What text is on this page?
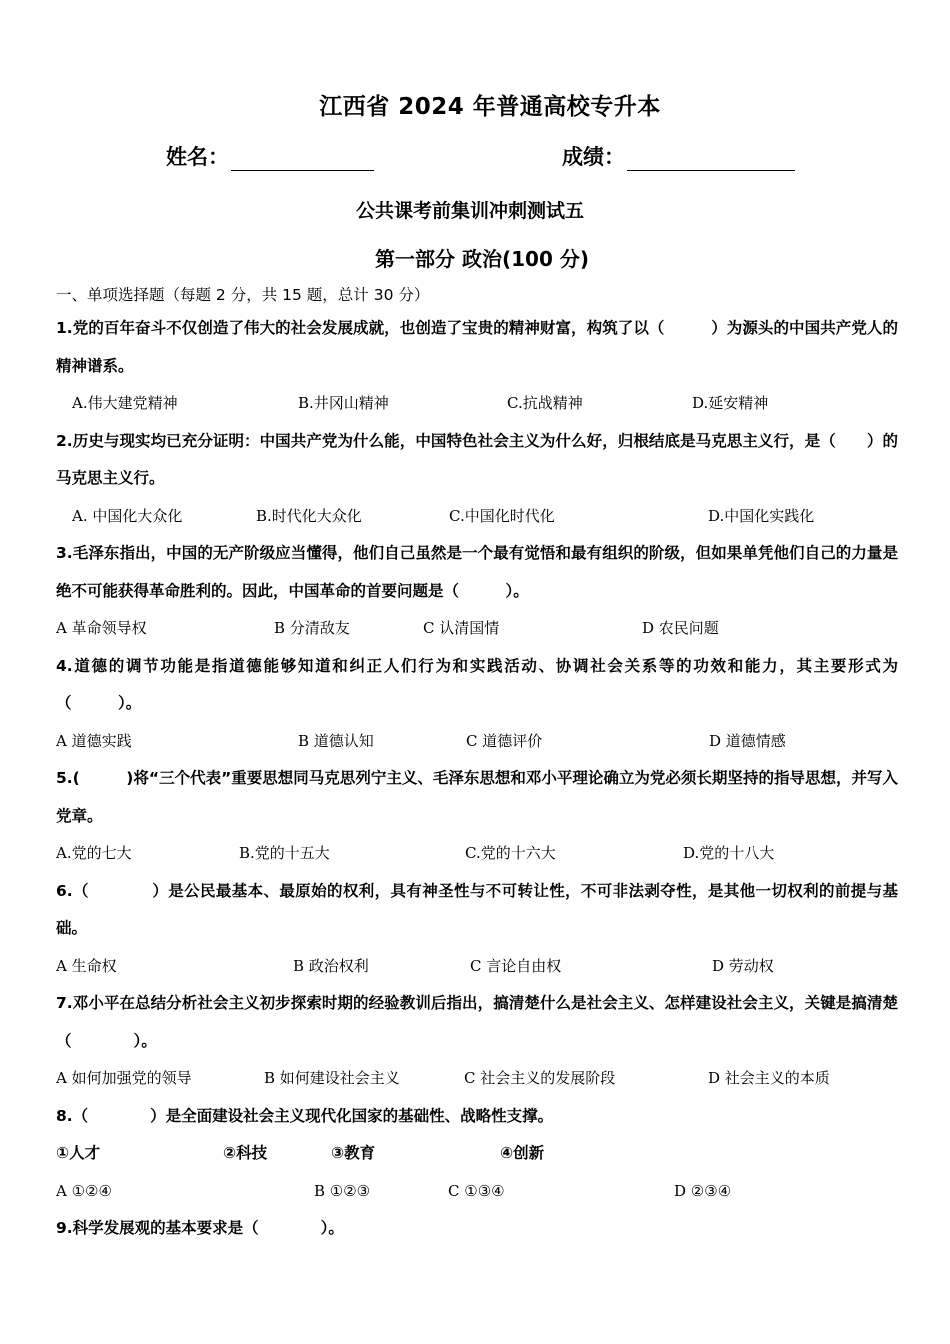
江西省 2024 年普通高校专升本
姓名：	成绩：
公共课考前集训冲刺测试五
第一部分 政治(100 分)
一、单项选择题（每题 2 分，共 15 题，总计 30 分）
1.党的百年奋斗不仅创造了伟大的社会发展成就，也创造了宝贵的精神财富，构筑了以（　　　）为源头的中国共产党人的精神谱系。
A.伟大建党精神	B.井冈山精神	C.抗战精神	D.延安精神
2.历史与现实均已充分证明：中国共产党为什么能，中国特色社会主义为什么好，归根结底是马克思主义行，是（　　）的马克思主义行。
A. 中国化大众化	B.时代化大众化	C.中国化时代化	D.中国化实践化
3.毛泽东指出，中国的无产阶级应当懂得，他们自己虽然是一个最有觉悟和最有组织的阶级，但如果单凭他们自己的力量是绝不可能获得革命胜利的。因此，中国革命的首要问题是（　　　）。
A 革命领导权	B 分清敌友	C 认清国情	D 农民问题
4.道德的调节功能是指道德能够知道和纠正人们行为和实践活动、协调社会关系等的功效和能力，其主要形式为（　　　）。
A 道德实践	B 道德认知	C 道德评价	D 道德情感
5.(　　　)将“三个代表”重要思想同马克思列宁主义、毛泽东思想和邓小平理论确立为党必须长期坚持的指导思想，并写入党章。
A.党的七大	B.党的十五大	C.党的十六大	D.党的十八大
6.（　　　　）是公民最基本、最原始的权利，具有神圣性与不可转让性，不可非法剥夺性，是其他一切权利的前提与基础。
A 生命权	B 政治权利	C 言论自由权	D 劳动权
7.邓小平在总结分析社会主义初步探索时期的经验教训后指出，搞清楚什么是社会主义、怎样建设社会主义，关键是搞清楚（　　　　）。
A 如何加强党的领导	B 如何建设社会主义	C 社会主义的发展阶段	D 社会主义的本质
8.（　　　　）是全面建设社会主义现代化国家的基础性、战略性支撑。
①人才	②科技	③教育	④创新
A ①②④	B ①②③	C ①③④	D ②③④
9.科学发展观的基本要求是（　　　　）。
